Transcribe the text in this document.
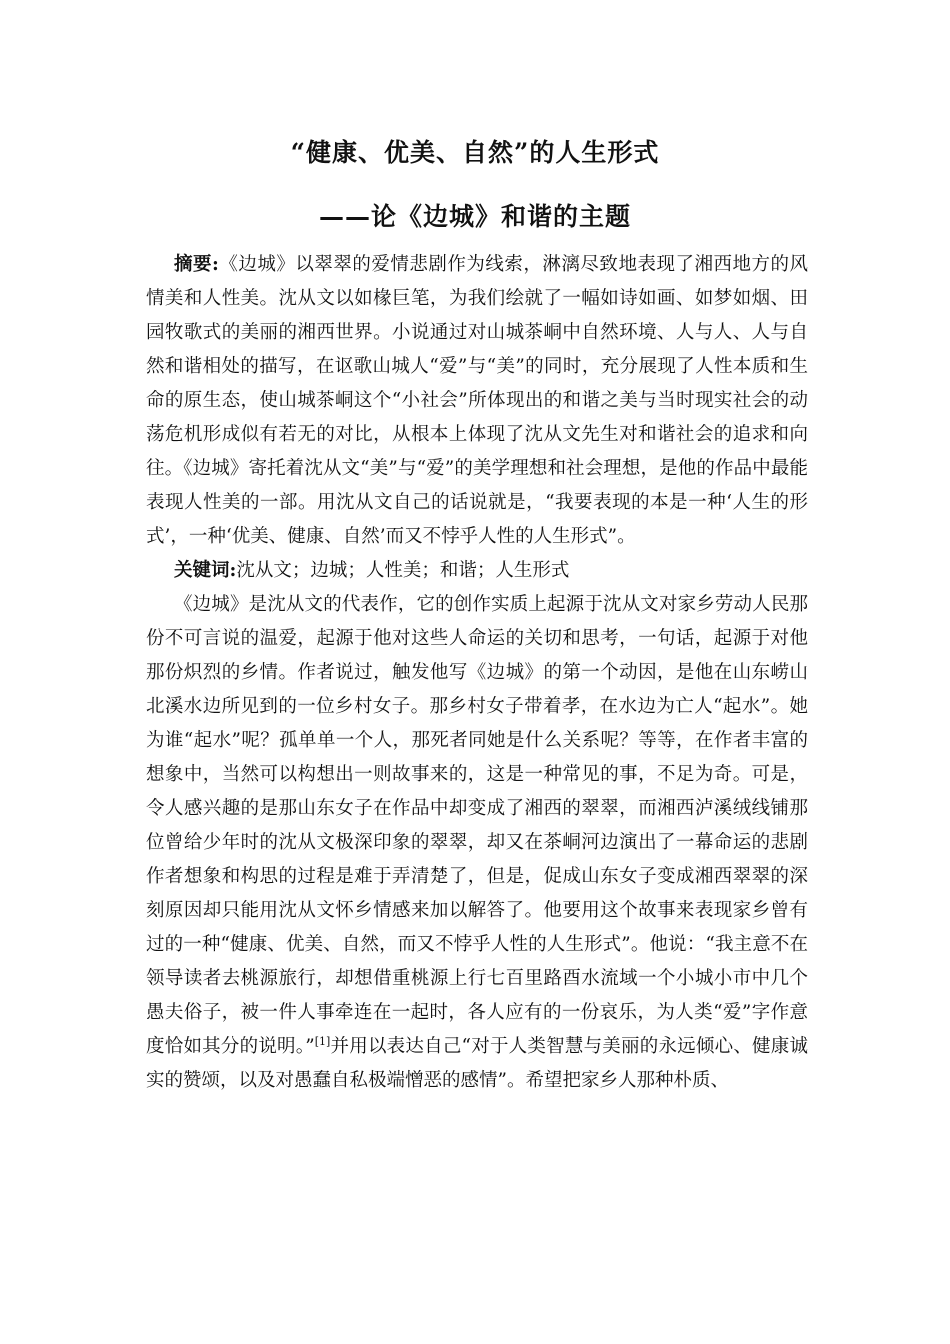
“健康、优美、自然”的人生形式
——论《边城》和谐的主题

摘要:《边城》以翠翠的爱情悲剧作为线索，淋漓尽致地表现了湘西地方的风情美和人性美。沈从文以如椽巨笔，为我们绘就了一幅如诗如画、如梦如烟、田园牧歌式的美丽的湘西世界。小说通过对山城茶峒中自然环境、人与人、人与自然和谐相处的描写，在讴歌山城人“爱”与“美”的同时，充分展现了人性本质和生命的原生态，使山城茶峒这个“小社会”所体现出的和谐之美与当时现实社会的动荡危机形成似有若无的对比，从根本上体现了沈从文先生对和谐社会的追求和向往。《边城》寄托着沈从文“美”与“爱”的美学理想和社会理想，是他的作品中最能表现人性美的一部。用沈从文自己的话说就是，“我要表现的本是一种‘人生的形式’，一种‘优美、健康、自然’而又不悖乎人性的人生形式”。

关键词:沈从文；边城；人性美；和谐；人生形式

《边城》是沈从文的代表作，它的创作实质上起源于沈从文对家乡劳动人民那份不可言说的温爱，起源于他对这些人命运的关切和思考，一句话，起源于对他那份炽烈的乡情。作者说过，触发他写《边城》的第一个动因，是他在山东崂山北溪水边所见到的一位乡村女子。那乡村女子带着孝，在水边为亡人“起水”。她为谁“起水”呢？孤单单一个人，那死者同她是什么关系呢？等等，在作者丰富的想象中，当然可以构想出一则故事来的，这是一种常见的事，不足为奇。可是，令人感兴趣的是那山东女子在作品中却变成了湘西的翠翠，而湘西泸溪绒线铺那位曾给少年时的沈从文极深印象的翠翠，却又在茶峒河边演出了一幕命运的悲剧作者想象和构思的过程是难于弄清楚了，但是，促成山东女子变成湘西翠翠的深刻原因却只能用沈从文怀乡情感来加以解答了。他要用这个故事来表现家乡曾有过的一种“健康、优美、自然，而又不悖乎人性的人生形式”。他说：“我主意不在领导读者去桃源旅行，却想借重桃源上行七百里路酉水流域一个小城小市中几个愚夫俗子，被一件人事牵连在一起时，各人应有的一份哀乐，为人类“爱”字作意度恰如其分的说明。”[1]并用以表达自己“对于人类智慧与美丽的永远倾心、健康诚实的赞颂，以及对愚蠢自私极端憎恶的感情”。希望把家乡人那种朴质、
